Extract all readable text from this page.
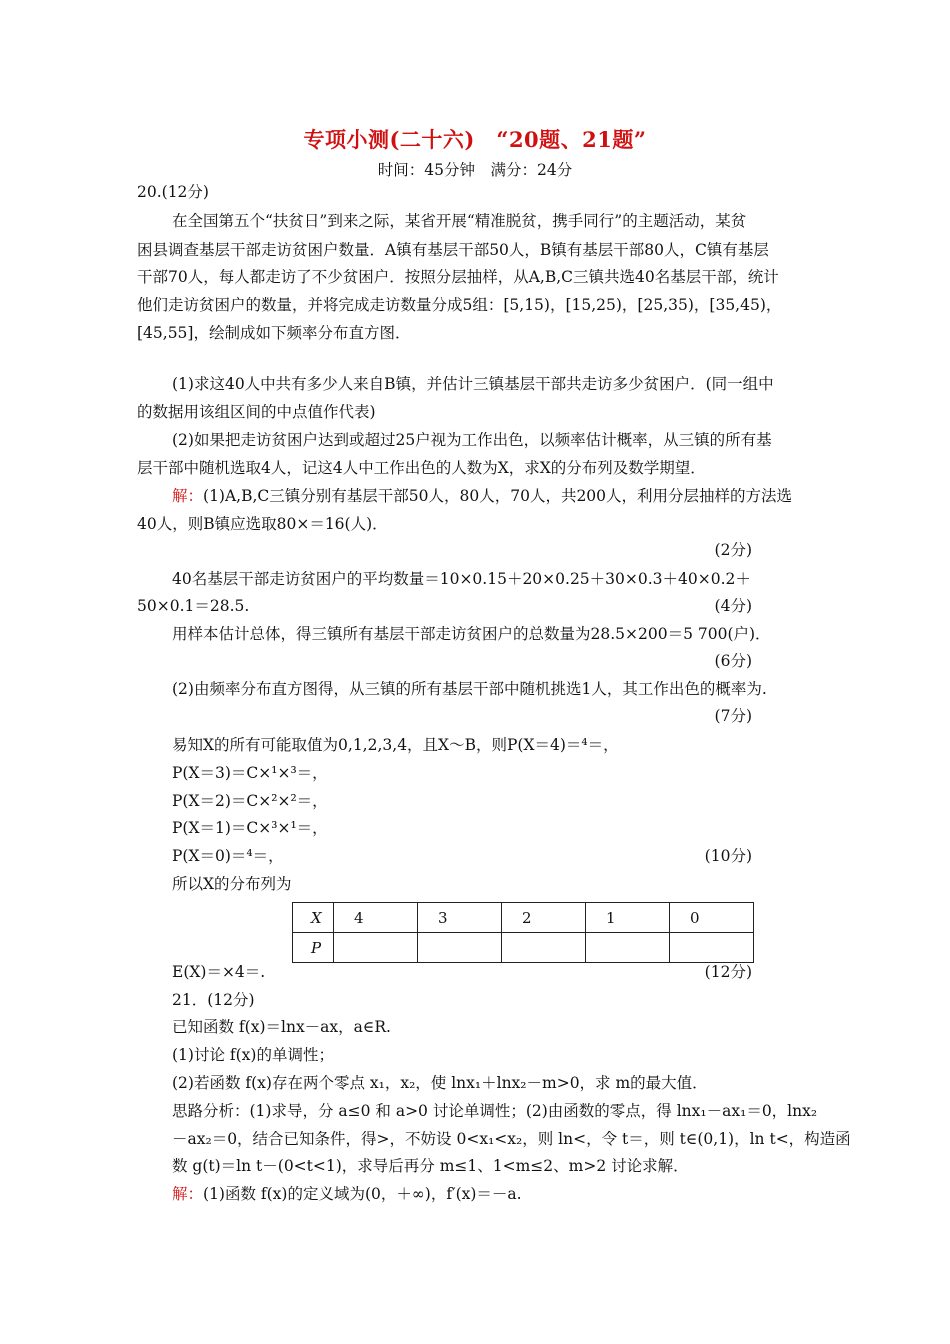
专项小测(二十六)　“20题、21题”
时间：45分钟　满分：24分
20.(12分)
在全国第五个“扶贫日”到来之际，某省开展“精准脱贫，携手同行”的主题活动，某贫
困县调查基层干部走访贫困户数量．A镇有基层干部50人，B镇有基层干部80人，C镇有基层
干部70人，每人都走访了不少贫困户．按照分层抽样，从A,B,C三镇共选40名基层干部，统计
他们走访贫困户的数量，并将完成走访数量分成5组：[5,15)，[15,25)，[25,35)，[35,45)，
[45,55]，绘制成如下频率分布直方图．
(1)求这40人中共有多少人来自B镇，并估计三镇基层干部共走访多少贫困户．(同一组中
的数据用该组区间的中点值作代表)
(2)如果把走访贫困户达到或超过25户视为工作出色，以频率估计概率，从三镇的所有基
层干部中随机选取4人，记这4人中工作出色的人数为X，求X的分布列及数学期望．
解：(1)A,B,C三镇分别有基层干部50人，80人，70人，共200人，利用分层抽样的方法选
40人，则B镇应选取80×＝16(人)．
(2分)
40名基层干部走访贫困户的平均数量＝10×0.15＋20×0.25＋30×0.3＋40×0.2＋
50×0.1＝28.5.	(4分)
用样本估计总体，得三镇所有基层干部走访贫困户的总数量为28.5×200＝5 700(户)．
(6分)
(2)由频率分布直方图得，从三镇的所有基层干部中随机挑选1人，其工作出色的概率为.
(7分)
易知X的所有可能取值为0,1,2,3,4，且X～B，则P(X＝4)＝⁴＝，
P(X＝3)＝C×¹×³＝，
P(X＝2)＝C×²×²＝，
P(X＝1)＝C×³×¹＝，
P(X＝0)＝⁴＝，	(10分)
所以X的分布列为
X	4	3	2	1	0
P					
E(X)＝×4＝.	(12分)
21．(12分)
已知函数 f(x)＝lnx－ax，a∈R.
(1)讨论 f(x)的单调性；
(2)若函数 f(x)存在两个零点 x₁，x₂，使 lnx₁＋lnx₂－m>0，求 m的最大值．
思路分析：(1)求导，分 a≤0 和 a>0 讨论单调性；(2)由函数的零点，得 lnx₁－ax₁＝0，lnx₂
－ax₂＝0，结合已知条件，得>，不妨设 0<x₁<x₂，则 ln<，令 t＝，则 t∈(0,1)，ln t<，构造函
数 g(t)＝ln t－(0<t<1)，求导后再分 m≤1、1<m≤2、m>2 讨论求解．
解：(1)函数 f(x)的定义域为(0，＋∞)，f′(x)＝－a.
